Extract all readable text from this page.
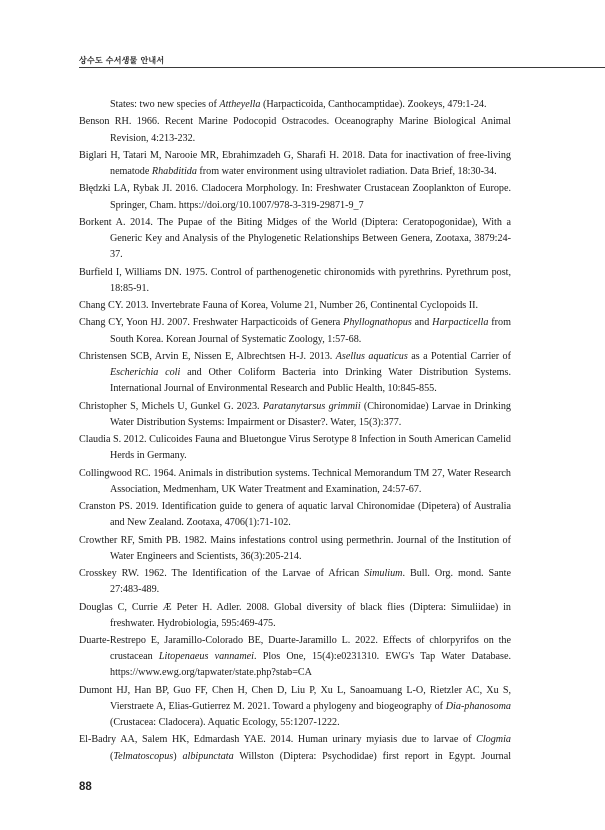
상수도 수서생물 안내서

States: two new species of Attheyella (Harpacticoida, Canthocamptidae). Zookeys, 479:1-24.

Benson RH. 1966. Recent Marine Podocopid Ostracodes. Oceanography Marine Biological Animal Revision, 4:213-232.

Biglari H, Tatari M, Narooie MR, Ebrahimzadeh G, Sharafi H. 2018. Data for inactivation of free-living nematode Rhabditida from water environment using ultraviolet radiation. Data Brief, 18:30-34.

Błędzki LA, Rybak JI. 2016. Cladocera Morphology. In: Freshwater Crustacean Zooplankton of Europe. Springer, Cham. https://doi.org/10.1007/978-3-319-29871-9_7

Borkent A. 2014. The Pupae of the Biting Midges of the World (Diptera: Ceratopogonidae), With a Generic Key and Analysis of the Phylogenetic Relationships Between Genera, Zootaxa, 3879:24-37.

Burfield I, Williams DN. 1975. Control of parthenogenetic chironomids with pyrethrins. Pyrethrum post, 18:85-91.

Chang CY. 2013. Invertebrate Fauna of Korea, Volume 21, Number 26, Continental Cyclopoids II.

Chang CY, Yoon HJ. 2007. Freshwater Harpacticoids of Genera Phyllognathopus and Harpacticella from South Korea. Korean Journal of Systematic Zoology, 1:57-68.

Christensen SCB, Arvin E, Nissen E, Albrechtsen H-J. 2013. Asellus aquaticus as a Potential Carrier of Escherichia coli and Other Coliform Bacteria into Drinking Water Distribution Systems. International Journal of Environmental Research and Public Health, 10:845-855.

Christopher S, Michels U, Gunkel G. 2023. Paratanytarsus grimmii (Chironomidae) Larvae in Drinking Water Distribution Systems: Impairment or Disaster?. Water, 15(3):377.

Claudia S. 2012. Culicoides Fauna and Bluetongue Virus Serotype 8 Infection in South American Camelid Herds in Germany.

Collingwood RC. 1964. Animals in distribution systems. Technical Memorandum TM 27, Water Research Association, Medmenham, UK Water Treatment and Examination, 24:57-67.

Cranston PS. 2019. Identification guide to genera of aquatic larval Chironomidae (Dipetera) of Australia and New Zealand. Zootaxa, 4706(1):71-102.

Crowther RF, Smith PB. 1982. Mains infestations control using permethrin. Journal of the Institution of Water Engineers and Scientists, 36(3):205-214.

Crosskey RW. 1962. The Identification of the Larvae of African Simulium. Bull. Org. mond. Sante 27:483-489.

Douglas C, Currie Æ Peter H. Adler. 2008. Global diversity of black flies (Diptera: Simuliidae) in freshwater. Hydrobiologia, 595:469-475.

Duarte-Restrepo E, Jaramillo-Colorado BE, Duarte-Jaramillo L. 2022. Effects of chlorpyrifos on the crustacean Litopenaeus vannamei. Plos One, 15(4):e0231310. EWG's Tap Water Database. https://www.ewg.org/tapwater/state.php?stab=CA

Dumont HJ, Han BP, Guo FF, Chen H, Chen D, Liu P, Xu L, Sanoamuang L-O, Rietzler AC, Xu S, Vierstraete A, Elias-Gutierrez M. 2021. Toward a phylogeny and biogeography of Dia-phanosoma (Crustacea: Cladocera). Aquatic Ecology, 55:1207-1222.

El-Badry AA, Salem HK, Edmardash YAE. 2014. Human urinary myiasis due to larvae of Clogmia (Telmatoscopus) albipunctata Willston (Diptera: Psychodidae) first report in Egypt. Journal

88
